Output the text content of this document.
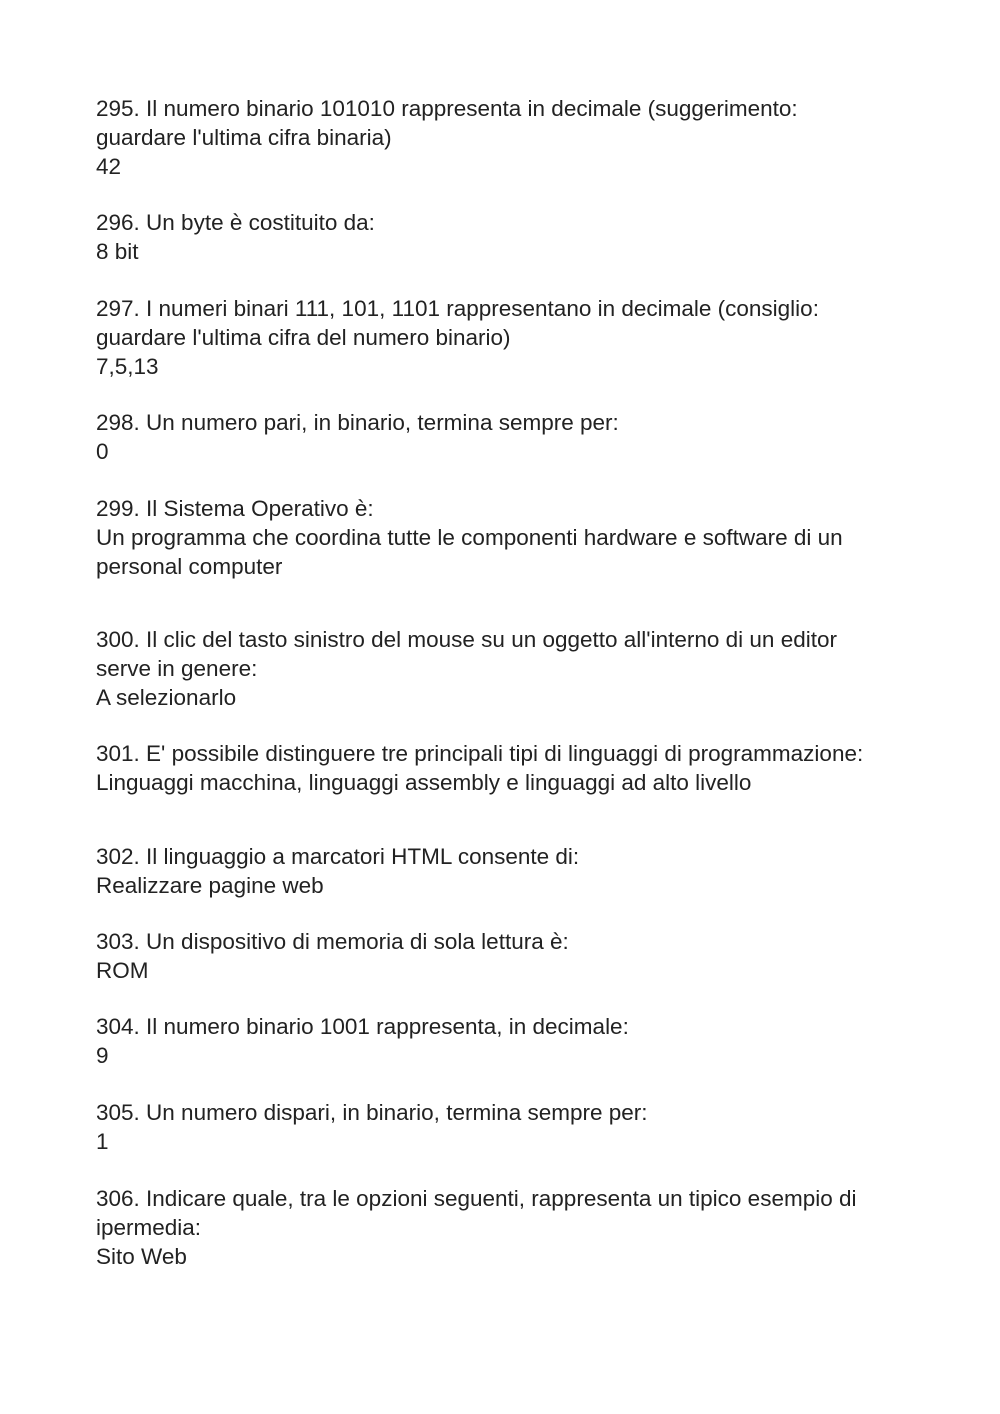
295. Il numero binario 101010 rappresenta in decimale (suggerimento:
guardare l'ultima cifra binaria)
42
296. Un byte è costituito da:
8 bit
297. I numeri binari 111, 101, 1101 rappresentano in decimale (consiglio:
guardare l'ultima cifra del numero binario)
7,5,13
298. Un numero pari, in binario, termina sempre per:
0
299. Il Sistema Operativo è:
Un programma che coordina tutte le componenti hardware e software di un
personal computer
300. Il clic del tasto sinistro del mouse su un oggetto all'interno di un editor
serve in genere:
A selezionarlo
301. E' possibile distinguere tre principali tipi di linguaggi di programmazione:
Linguaggi macchina, linguaggi assembly e linguaggi ad alto livello
302. Il linguaggio a marcatori HTML consente di:
Realizzare pagine web
303. Un dispositivo di memoria di sola lettura è:
ROM
304. Il numero binario 1001 rappresenta, in decimale:
9
305. Un numero dispari, in binario, termina sempre per:
1
306. Indicare quale, tra le opzioni seguenti, rappresenta un tipico esempio di
ipermedia:
Sito Web
